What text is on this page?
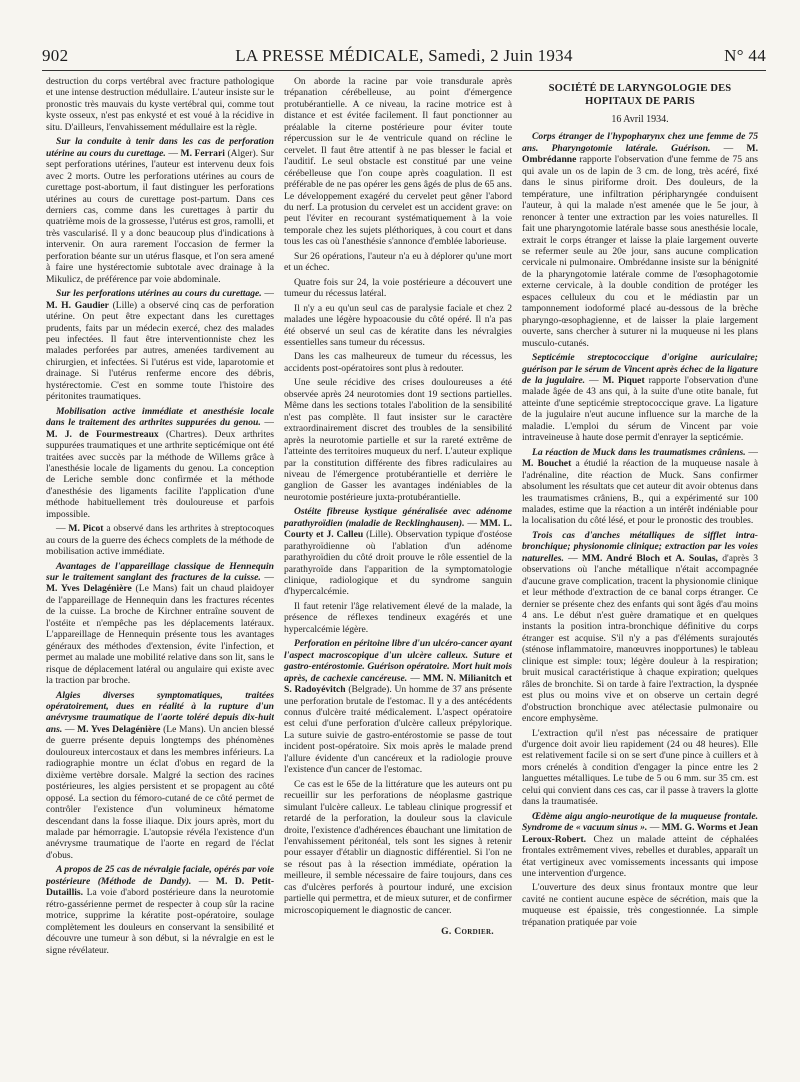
902	LA PRESSE MÉDICALE, Samedi, 2 Juin 1934	N° 44

destruction du corps vertébral avec fracture pathologique et une intense destruction médullaire. L'auteur insiste sur le pronostic très mauvais du kyste vertébral qui, comme tout kyste osseux, n'est pas enkysté et est voué à la récidive in situ. D'ailleurs, l'envahissement médullaire est la règle.

Sur la conduite à tenir dans les cas de perforation utérine au cours du curettage. — M. Ferrari (Alger). Sur sept perforations utérines, l'auteur est intervenu deux fois avec 2 morts. Outre les perforations utérines au cours de curettage post-abortum, il faut distinguer les perforations utérines au cours de curettage post-partum. Dans ces derniers cas, comme dans les curettages à partir du quatrième mois de la grossesse, l'utérus est gros, ramolli, et très vascularisé. Il y a donc beaucoup plus d'indications à intervenir. On aura rarement l'occasion de fermer la perforation béante sur un utérus flasque, et l'on sera amené à faire une hystérectomie subtotale avec drainage à la Mikulicz, de préférence par voie abdominale.

Sur les perforations utérines au cours du curettage. — M. H. Gaudier (Lille) a observé cinq cas de perforation utérine. On peut être expectant dans les curettages prudents, faits par un médecin exercé, chez des malades peu infectées. Il faut être interventionniste chez les malades perforées par autres, amenées tardivement au chirurgien, et infectées. Si l'utérus est vide, laparotomie et drainage. Si l'utérus renferme encore des débris, hystérectomie. C'est en somme toute l'histoire des péritonites traumatiques.

Mobilisation active immédiate et anesthésie locale dans le traitement des arthrites suppurées du genou. — M. J. de Fourmestreaux (Chartres). Deux arthrites suppurées traumatiques et une arthrite septicémique ont été traitées avec succès par la méthode de Willems grâce à l'anesthésie locale de ligaments du genou. La conception de Leriche semble donc confirmée et la méthode d'anesthésie des ligaments facilite l'application d'une méthode habituellement très douloureuse et parfois impossible.

— M. Picot a observé dans les arthrites à streptocoques au cours de la guerre des échecs complets de la méthode de mobilisation active immédiate.

Avantages de l'appareillage classique de Hennequin sur le traitement sanglant des fractures de la cuisse. — M. Yves Delagénière (Le Mans) fait un chaud plaidoyer de l'appareillage de Hennequin dans les fractures récentes de la cuisse. La broche de Kirchner entraîne souvent de l'ostéite et n'empêche pas les déplacements latéraux. L'appareillage de Hennequin présente tous les avantages généraux des méthodes d'extension, évite l'infection, et permet au malade une mobilité relative dans son lit, sans le risque de déplacement latéral ou angulaire qui existe avec la traction par broche.

Algies diverses symptomatiques, traitées opératoirement, dues en réalité à la rupture d'un anévrysme traumatique de l'aorte toléré depuis dix-huit ans. — M. Yves Delagénière (Le Mans). Un ancien blessé de guerre présente depuis longtemps des phénomènes douloureux intercostaux et dans les membres inférieurs. La radiographie montre un éclat d'obus en regard de la dixième vertèbre dorsale. Malgré la section des racines postérieures, les algies persistent et se propagent au côté opposé. La section du fémoro-cutané de ce côté permet de contrôler l'existence d'un volumineux hématome descendant dans la fosse iliaque. Dix jours après, mort du malade par hémorragie. L'autopsie révéla l'existence d'un anévrysme traumatique de l'aorte en regard de l'éclat d'obus.

A propos de 25 cas de névralgie faciale, opérés par voie postérieure (Méthode de Dandy). — M. D. Petit-Dutaillis. La voie d'abord postérieure dans la neurotomie rétro-gassérienne permet de respecter à coup sûr la racine motrice, supprime la kératite post-opératoire, soulage complètement les douleurs en conservant la sensibilité et découvre une tumeur à son début, si la névralgie en est le signe révélateur.

On aborde la racine par voie transdurale après trépanation cérébelleuse, au point d'émergence protubérantielle. A ce niveau, la racine motrice est à distance et est évitée facilement. Il faut ponctionner au préalable la citerne postérieure pour éviter toute répercussion sur le 4e ventricule quand on récline le cervelet. Il faut être attentif à ne pas blesser le facial et l'auditif. Le seul obstacle est constitué par une veine cérébelleuse que l'on coupe après coagulation. Il est préférable de ne pas opérer les gens âgés de plus de 65 ans. Le développement exagéré du cervelet peut gêner l'abord du nerf. La protusion du cervelet est un accident grave: on peut l'éviter en recourant systématiquement à la voie temporale chez les sujets pléthoriques, à cou court et dans tous les cas où l'anesthésie s'annonce d'emblée laborieuse.

Sur 26 opérations, l'auteur n'a eu à déplorer qu'une mort et un échec.

Quatre fois sur 24, la voie postérieure a découvert une tumeur du récessus latéral.

Il n'y a eu qu'un seul cas de paralysie faciale et chez 2 malades une légère hypoacousie du côté opéré. Il n'a pas été observé un seul cas de kératite dans les névralgies essentielles sans tumeur du récessus.

Dans les cas malheureux de tumeur du récessus, les accidents post-opératoires sont plus à redouter.

Une seule récidive des crises douloureuses a été observée après 24 neurotomies dont 19 sections partielles. Même dans les sections totales l'abolition de la sensibilité n'est pas complète. Il faut insister sur le caractère extraordinairement discret des troubles de la sensibilité après la neurotomie partielle et sur la rareté extrême de l'atteinte des territoires muqueux du nerf. L'auteur explique par la constitution différente des fibres radiculaires au niveau de l'émergence protubérantielle et derrière le ganglion de Gasser les avantages indéniables de la neurotomie postérieure juxta-protubérantielle.

Ostéite fibreuse kystique généralisée avec adénome parathyroïdien (maladie de Recklinghausen). — MM. L. Courty et J. Calleu (Lille). Observation typique d'ostéose parathyroïdienne où l'ablation d'un adénome parathyroïdien du côté droit prouve le rôle essentiel de la parathyroïde dans l'apparition de la symptomatologie clinique, radiologique et du syndrome sanguin d'hypercalcémie.

Il faut retenir l'âge relativement élevé de la malade, la présence de réflexes tendineux exagérés et une hypercalcémie légère.

Perforation en péritoine libre d'un ulcéro-cancer ayant l'aspect macroscopique d'un ulcère calleux. Suture et gastro-entérostomie. Guérison opératoire. Mort huit mois après, de cachexie cancéreuse. — MM. N. Milianitch et S. Radoyévitch (Belgrade). Un homme de 37 ans présente une perforation brutale de l'estomac. Il y a des antécédents connus d'ulcère traité médicalement. L'aspect opératoire est celui d'une perforation d'ulcère calleux prépylorique. La suture suivie de gastro-entérostomie se passe de tout incident post-opératoire. Six mois après le malade prend l'allure évidente d'un cancéreux et la radiologie prouve l'existence d'un cancer de l'estomac.

Ce cas est le 65e de la littérature que les auteurs ont pu recueillir sur les perforations de néoplasme gastrique simulant l'ulcère calleux. Le tableau clinique progressif et retardé de la perforation, la douleur sous la clavicule droite, l'existence d'adhérences ébauchant une limitation de l'envahissement péritonéal, tels sont les signes à retenir pour essayer d'établir un diagnostic différentiel. Si l'on ne se résout pas à la résection immédiate, opération la meilleure, il semble nécessaire de faire toujours, dans ces cas d'ulcères perforés à pourtour induré, une excision partielle qui permettra, et de mieux suturer, et de confirmer microscopiquement le diagnostic de cancer.

G. Cordier.
SOCIÉTÉ DE LARYNGOLOGIE DES HOPITAUX DE PARIS
16 Avril 1934.

Corps étranger de l'hypopharynx chez une femme de 75 ans. Pharyngotomie latérale. Guérison. — M. Ombrédanne rapporte l'observation d'une femme de 75 ans qui avale un os de lapin de 3 cm. de long, très acéré, fixé dans le sinus piriforme droit. Des douleurs, de la température, une infiltration péripharyngée conduisent l'auteur, à qui la malade n'est amenée que le 5e jour, à renoncer à tenter une extraction par les voies naturelles. Il fait une pharyngotomie latérale basse sous anesthésie locale, extrait le corps étranger et laisse la plaie largement ouverte se refermer seule au 20e jour, sans aucune complication cervicale ni pulmonaire. Ombrédanne insiste sur la bénignité de la pharyngotomie latérale comme de l'œsophagotomie externe cervicale, à la double condition de protéger les espaces celluleux du cou et le médiastin par un tamponnement iodoformé placé au-dessous de la brèche pharyngo-œsophagienne, et de laisser la plaie largement ouverte, sans chercher à suturer ni la muqueuse ni les plans musculo-cutanés.

Septicémie streptococcique d'origine auriculaire; guérison par le sérum de Vincent après échec de la ligature de la jugulaire. — M. Piquet rapporte l'observation d'une malade âgée de 43 ans qui, à la suite d'une otite banale, fut atteinte d'une septicémie streptococcique grave. La ligature de la jugulaire n'eut aucune influence sur la marche de la maladie. L'emploi du sérum de Vincent par voie intraveineuse à haute dose permit d'enrayer la septicémie.

La réaction de Muck dans les traumatismes crâniens. — M. Bouchet a étudié la réaction de la muqueuse nasale à l'adrénaline, dite réaction de Muck. Sans confirmer absolument les résultats que cet auteur dit avoir obtenus dans les traumatismes crâniens, B., qui a expérimenté sur 100 malades, estime que la réaction a un intérêt indéniable pour la localisation du côté lésé, et pour le pronostic des troubles.

Trois cas d'anches métalliques de sifflet intra-bronchique; physionomie clinique; extraction par les voies naturelles. — MM. André Bloch et A. Soulas, d'après 3 observations où l'anche métallique n'était accompagnée d'aucune grave complication, tracent la physionomie clinique et leur méthode d'extraction de ce banal corps étranger. Ce dernier se présente chez des enfants qui sont âgés d'au moins 4 ans. Le début n'est guère dramatique et en quelques instants la position intra-bronchique définitive du corps étranger est acquise. S'il n'y a pas d'éléments surajoutés (sténose inflammatoire, manœuvres inopportunes) le tableau clinique est simple: toux; légère douleur à la respiration; bruit musical caractéristique à chaque expiration; quelques râles de bronchite. Si on tarde à faire l'extraction, la dyspnée est plus ou moins vive et on observe un certain degré d'obstruction bronchique avec atélectasie pulmonaire ou encore emphysème.

L'extraction qu'il n'est pas nécessaire de pratiquer d'urgence doit avoir lieu rapidement (24 ou 48 heures). Elle est relativement facile si on se sert d'une pince à cuillers et à mors crénelés à condition d'engager la pince entre les 2 languettes métalliques. Le tube de 5 ou 6 mm. sur 35 cm. est celui qui convient dans ces cas, car il passe à travers la glotte dans la traumatisée.

Œdème aigu angio-neurotique de la muqueuse frontale. Syndrome de « vacuum sinus ». — MM. G. Worms et Jean Leroux-Robert. Chez un malade atteint de céphalées frontales extrêmement vives, rebelles et durables, apparaît un état vertigineux avec vomissements incessants qui impose une intervention d'urgence.

L'ouverture des deux sinus frontaux montre que leur cavité ne contient aucune espèce de sécrétion, mais que la muqueuse est épaissie, très congestionnée. La simple trépanation pratiquée par voie
